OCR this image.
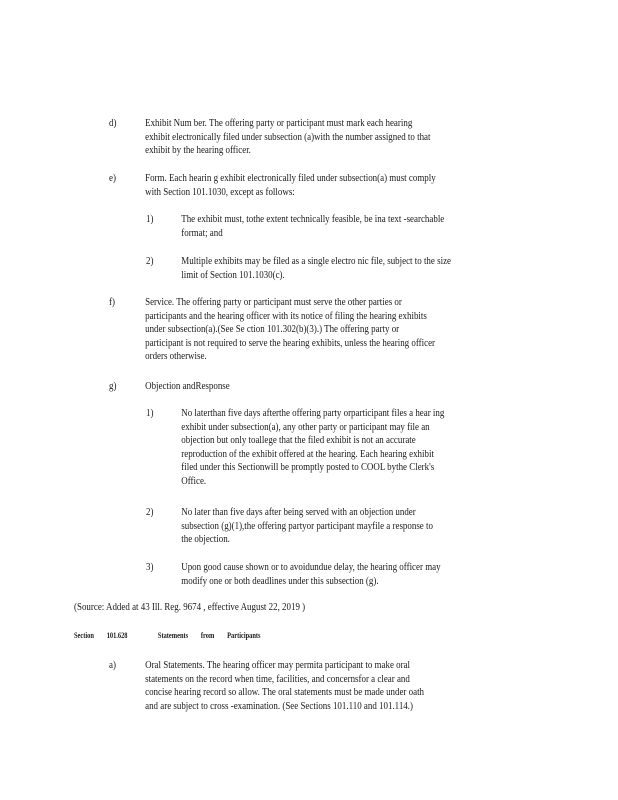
d)	Exhibit Num ber. The offering party or participant must mark each hearing
exhibit electronically filed under subsection (a)with the number assigned to that
exhibit by the hearing officer.
e)	Form. Each hearin g exhibit electronically filed under subsection(a) must comply
with Section 101.1030, except as follows:
1)	The exhibit must, tothe extent technically feasible, be ina text -searchable
format; and
2)	Multiple exhibits may be filed as a single electro nic file, subject to the size
limit of Section 101.1030(c).
f)	Service. The offering party or participant must serve the other parties or
participants and the hearing officer with its notice of filing the hearing exhibits
under subsection(a).(See Se ction 101.302(b)(3).) The offering party or
participant is not required to serve the hearing exhibits, unless the hearing officer
orders otherwise.
g)	Objection andResponse
1)	No laterthan five days afterthe offering party orparticipant files a hear ing
exhibit under subsection(a), any other party or participant may file an
objection but only toallege that the filed exhibit is not an accurate
reproduction of the exhibit offered at the hearing. Each hearing exhibit
filed under this Sectionwill be promptly posted to COOL bythe Clerk's
Office.
2)	No later than five days after being served with an objection under
subsection (g)(1),the offering partyor participant mayfile a response to
the objection.
3)	Upon good cause shown or to avoidundue delay, the hearing officer may
modify one or both deadlines under this subsection (g).
(Source: Added at 43 Ill. Reg. 9674 , effective August 22, 2019 )
Section 101.628	Statements from Participants
a)	Oral Statements. The hearing officer may permita participant to make oral
statements on the record when time, facilities, and concernsfor a clear and
concise hearing record so allow. The oral statements must be made under oath
and are subject to cross -examination. (See Sections 101.110 and 101.114.)
